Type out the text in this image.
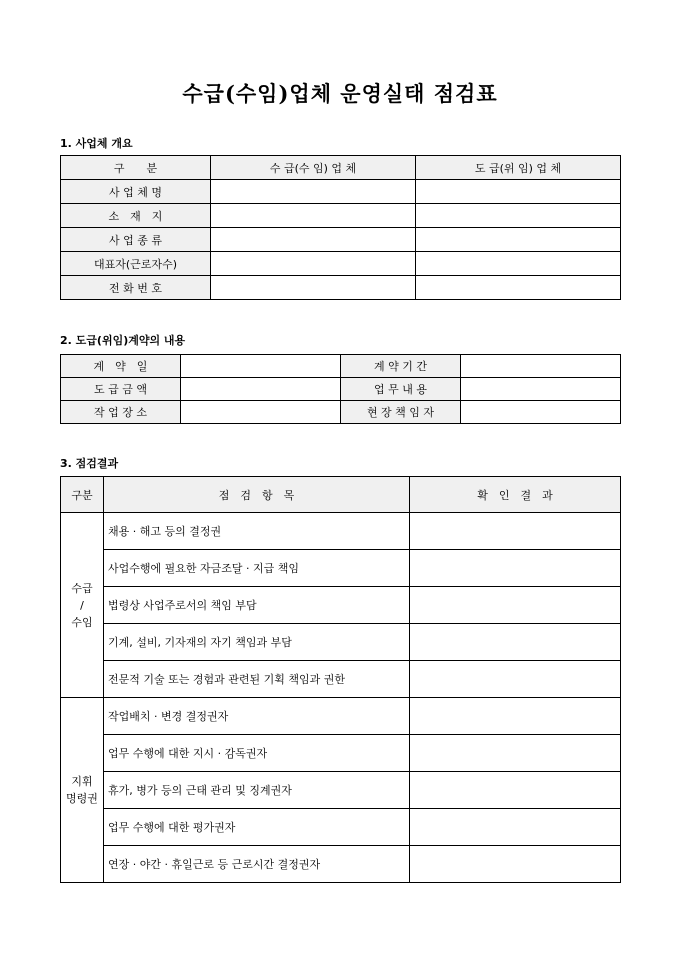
수급(수임)업체 운영실태 점검표
1. 사업체 개요
구　　분	수 급(수 임) 업 체	도 급(위 임) 업 체
사 업 체 명		
소　재　지		
사 업 종 류		
대표자(근로자수)		
전 화 번 호		
2. 도급(위임)계약의 내용
계　약　일		계 약 기 간	
도 급 금 액		업 무 내 용	
작 업 장 소		현 장 책 임 자	
3. 점검결과
구분	점　검　항　목	확　인　결　과

수급
/
수임	채용 · 해고 등의 결정권	
	사업수행에 필요한 자금조달 · 지급 책임	
	법령상 사업주로서의 책임 부담	
	기계, 설비, 기자재의 자기 책임과 부담	
	전문적 기술 또는 경험과 관련된 기획 책임과 권한	

지휘
명령권	작업배치 · 변경 결정권자	
	업무 수행에 대한 지시 · 감독권자	
	휴가, 병가 등의 근태 관리 및 징계권자	
	업무 수행에 대한 평가권자	
	연장 · 야간 · 휴일근로 등 근로시간 결정권자	
